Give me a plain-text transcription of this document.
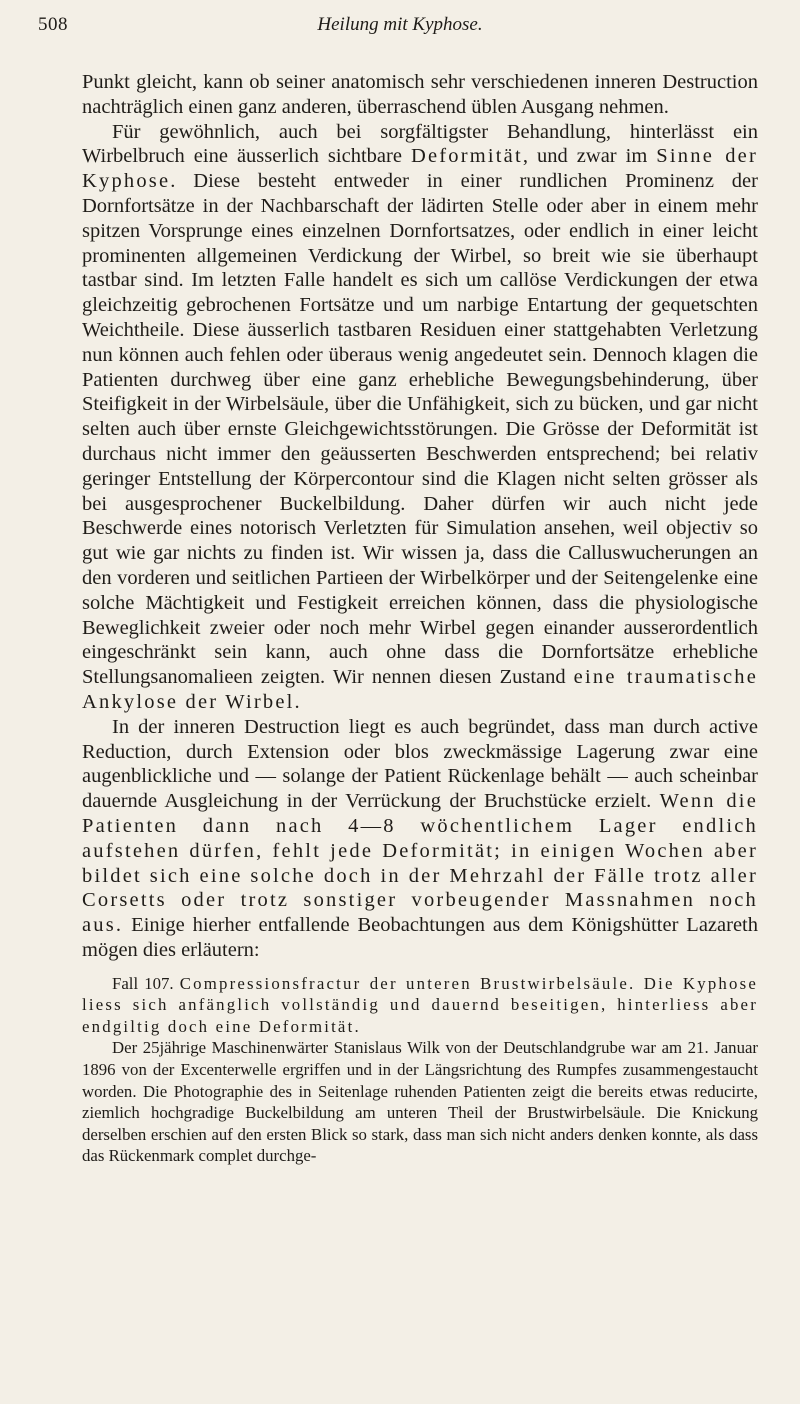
508	Heilung mit Kyphose.

Punkt gleicht, kann ob seiner anatomisch sehr verschiedenen inneren Destruction nachträglich einen ganz anderen, überraschend üblen Ausgang nehmen.

Für gewöhnlich, auch bei sorgfältigster Behandlung, hinterlässt ein Wirbelbruch eine äusserlich sichtbare Deformität, und zwar im Sinne der Kyphose. Diese besteht entweder in einer rundlichen Prominenz der Dornfortsätze in der Nachbarschaft der lädirten Stelle oder aber in einem mehr spitzen Vorsprunge eines einzelnen Dornfortsatzes, oder endlich in einer leicht prominenten allgemeinen Verdickung der Wirbel, so breit wie sie überhaupt tastbar sind. Im letzten Falle handelt es sich um callöse Verdickungen der etwa gleichzeitig gebrochenen Fortsätze und um narbige Entartung der gequetschten Weichtheile. Diese äusserlich tastbaren Residuen einer stattgehabten Verletzung nun können auch fehlen oder überaus wenig angedeutet sein. Dennoch klagen die Patienten durchweg über eine ganz erhebliche Bewegungsbehinderung, über Steifigkeit in der Wirbelsäule, über die Unfähigkeit, sich zu bücken, und gar nicht selten auch über ernste Gleichgewichtsstörungen. Die Grösse der Deformität ist durchaus nicht immer den geäusserten Beschwerden entsprechend; bei relativ geringer Entstellung der Körpercontour sind die Klagen nicht selten grösser als bei ausgesprochener Buckelbildung. Daher dürfen wir auch nicht jede Beschwerde eines notorisch Verletzten für Simulation ansehen, weil objectiv so gut wie gar nichts zu finden ist. Wir wissen ja, dass die Calluswucherungen an den vorderen und seitlichen Partieen der Wirbelkörper und der Seitengelenke eine solche Mächtigkeit und Festigkeit erreichen können, dass die physiologische Beweglichkeit zweier oder noch mehr Wirbel gegen einander ausserordentlich eingeschränkt sein kann, auch ohne dass die Dornfortsätze erhebliche Stellungsanomalieen zeigten. Wir nennen diesen Zustand eine traumatische Ankylose der Wirbel.

In der inneren Destruction liegt es auch begründet, dass man durch active Reduction, durch Extension oder blos zweckmässige Lagerung zwar eine augenblickliche und — solange der Patient Rückenlage behält — auch scheinbar dauernde Ausgleichung in der Verrückung der Bruchstücke erzielt. Wenn die Patienten dann nach 4—8 wöchentlichem Lager endlich aufstehen dürfen, fehlt jede Deformität; in einigen Wochen aber bildet sich eine solche doch in der Mehrzahl der Fälle trotz aller Corsetts oder trotz sonstiger vorbeugender Massnahmen noch aus. Einige hierher entfallende Beobachtungen aus dem Königshütter Lazareth mögen dies erläutern:

Fall 107. Compressionsfractur der unteren Brustwirbelsäule. Die Kyphose liess sich anfänglich vollständig und dauernd beseitigen, hinterliess aber endgiltig doch eine Deformität.

Der 25jährige Maschinenwärter Stanislaus Wilk von der Deutschlandgrube war am 21. Januar 1896 von der Excenterwelle ergriffen und in der Längsrichtung des Rumpfes zusammengestaucht worden. Die Photographie des in Seitenlage ruhenden Patienten zeigt die bereits etwas reducirte, ziemlich hochgradige Buckelbildung am unteren Theil der Brustwirbelsäule. Die Knickung derselben erschien auf den ersten Blick so stark, dass man sich nicht anders denken konnte, als dass das Rückenmark complet durchge-
